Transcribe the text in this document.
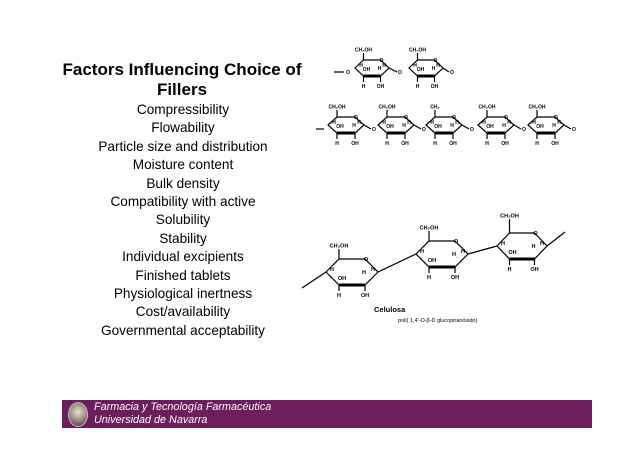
Factors Influencing Choice of
Fillers
Compressibility
Flowability
Particle size and distribution
Moisture content
Bulk density
Compatibility with active
Solubility
Stability
Individual excipients
Finished tablets
Physiological inertness
Cost/availability
Governmental acceptability
O
O
CH₂OH
H
OH H H
H OH
O
O
CH₂OH
H
OH H H
H OH
O
O
CH₂OH
H
OH H H
H OH
O
O
CH₂OH
H
OH H H
H OH
O
O
CH₂
H
OH H H
H OH
O
O
CH₂OH
H
OH H H
H OH
O
O
CH₂OH
H
OH H H
H OH
O
O
CH₂OH
H
OH
H H
H	OH
O
CH₂OH
H
OH
H H
H	OH
O
CH₂OH
H
OH
H H
H	OH
Celulosa
poli( 1,4'-O-β-D glucopiranósido)
Farmacia y Tecnología Farmacéutica
Universidad de Navarra
